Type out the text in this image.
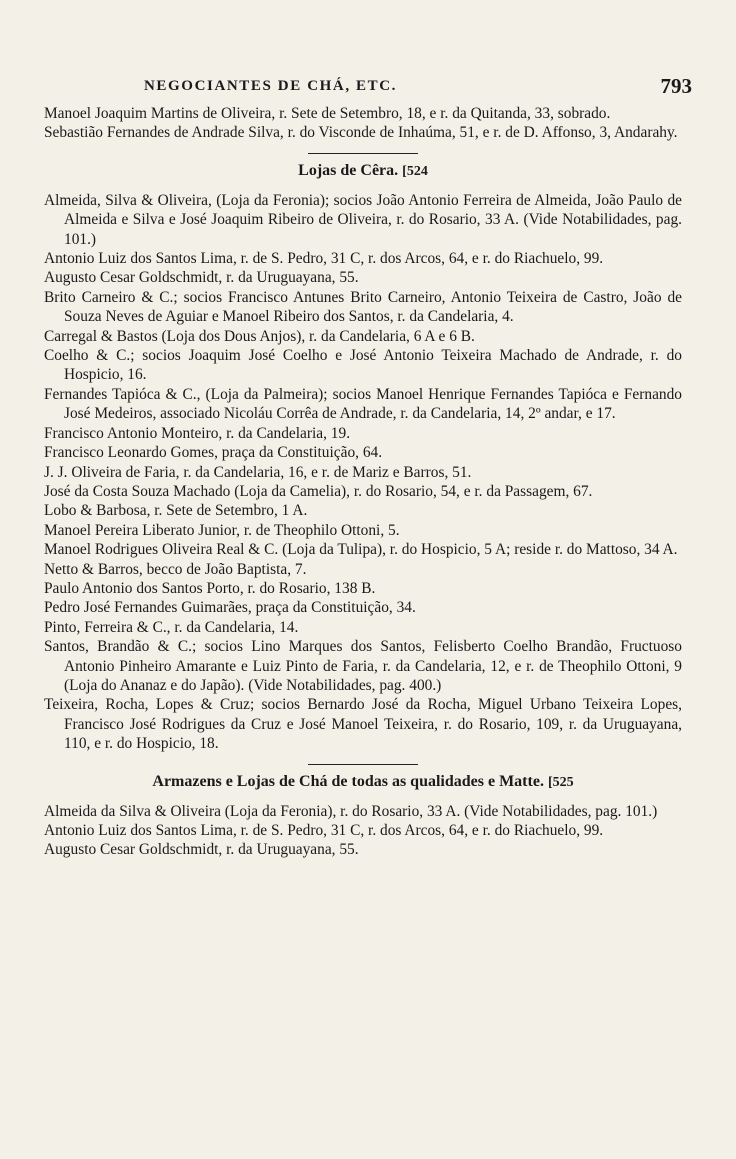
NEGOCIANTES DE CHÁ, ETC.	793

Manoel Joaquim Martins de Oliveira, r. Sete de Setembro, 18, e r. da Quitanda, 33, sobrado.

Sebastião Fernandes de Andrade Silva, r. do Visconde de Inhaúma, 51, e r. de D. Affonso, 3, Andarahy.

Lojas de Cêra. [524

Almeida, Silva & Oliveira, (Loja da Feronia); socios João Antonio Ferreira de Almeida, João Paulo de Almeida e Silva e José Joaquim Ribeiro de Oliveira, r. do Rosario, 33 A. (Vide Notabilidades, pag. 101.)

Antonio Luiz dos Santos Lima, r. de S. Pedro, 31 C, r. dos Arcos, 64, e r. do Riachuelo, 99.

Augusto Cesar Goldschmidt, r. da Uruguayana, 55.

Brito Carneiro & C.; socios Francisco Antunes Brito Carneiro, Antonio Teixeira de Castro, João de Souza Neves de Aguiar e Manoel Ribeiro dos Santos, r. da Candelaria, 4.

Carregal & Bastos (Loja dos Dous Anjos), r. da Candelaria, 6 A e 6 B.

Coelho & C.; socios Joaquim José Coelho e José Antonio Teixeira Machado de Andrade, r. do Hospicio, 16.

Fernandes Tapióca & C., (Loja da Palmeira); socios Manoel Henrique Fernandes Tapióca e Fernando José Medeiros, associado Nicoláu Corrêa de Andrade, r. da Candelaria, 14, 2º andar, e 17.

Francisco Antonio Monteiro, r. da Candelaria, 19.

Francisco Leonardo Gomes, praça da Constituição, 64.

J. J. Oliveira de Faria, r. da Candelaria, 16, e r. de Mariz e Barros, 51.

José da Costa Souza Machado (Loja da Camelia), r. do Rosario, 54, e r. da Passagem, 67.

Lobo & Barbosa, r. Sete de Setembro, 1 A.

Manoel Pereira Liberato Junior, r. de Theophilo Ottoni, 5.

Manoel Rodrigues Oliveira Real & C. (Loja da Tulipa), r. do Hospicio, 5 A; reside r. do Mattoso, 34 A.

Netto & Barros, becco de João Baptista, 7.

Paulo Antonio dos Santos Porto, r. do Rosario, 138 B.

Pedro José Fernandes Guimarães, praça da Constituição, 34.

Pinto, Ferreira & C., r. da Candelaria, 14.

Santos, Brandão & C.; socios Lino Marques dos Santos, Felisberto Coelho Brandão, Fructuoso Antonio Pinheiro Amarante e Luiz Pinto de Faria, r. da Candelaria, 12, e r. de Theophilo Ottoni, 9 (Loja do Ananaz e do Japão). (Vide Notabilidades, pag. 400.)

Teixeira, Rocha, Lopes & Cruz; socios Bernardo José da Rocha, Miguel Urbano Teixeira Lopes, Francisco José Rodrigues da Cruz e José Manoel Teixeira, r. do Rosario, 109, r. da Uruguayana, 110, e r. do Hospicio, 18.

Armazens e Lojas de Chá de todas as qualidades e Matte. [525

Almeida da Silva & Oliveira (Loja da Feronia), r. do Rosario, 33 A. (Vide Notabilidades, pag. 101.)

Antonio Luiz dos Santos Lima, r. de S. Pedro, 31 C, r. dos Arcos, 64, e r. do Riachuelo, 99.

Augusto Cesar Goldschmidt, r. da Uruguayana, 55.
